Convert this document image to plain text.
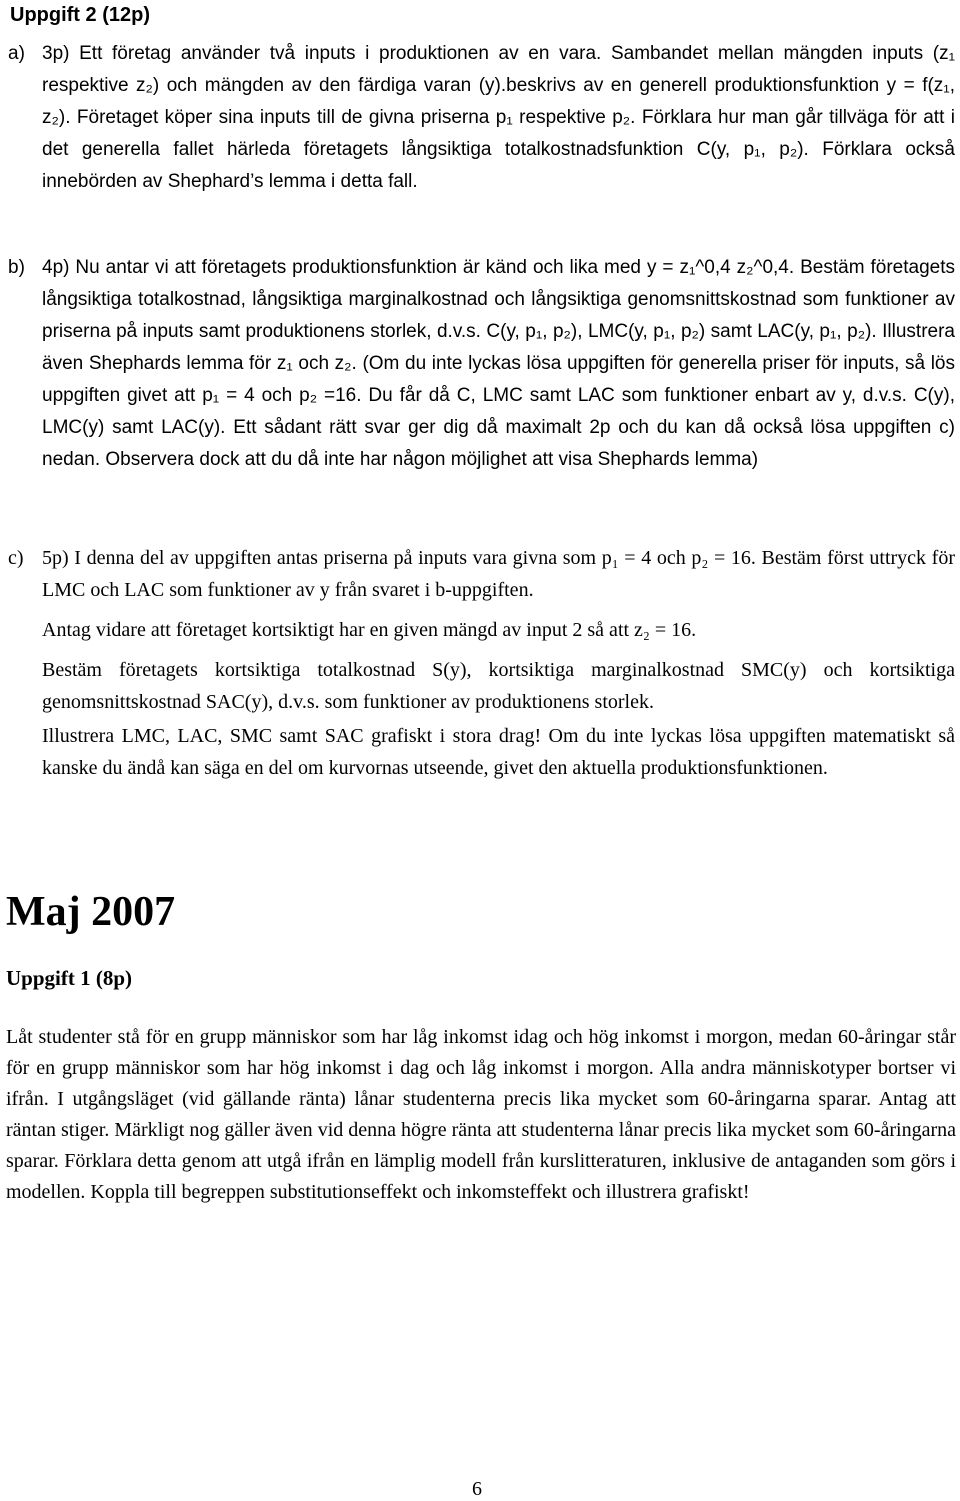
Uppgift 2 (12p)
a) 3p) Ett företag använder två inputs i produktionen av en vara. Sambandet mellan mängden inputs (z₁ respektive z₂) och mängden av den färdiga varan (y).beskrivs av en generell produktionsfunktion y = f(z₁, z₂). Företaget köper sina inputs till de givna priserna p₁ respektive p₂. Förklara hur man går tillväga för att i det generella fallet härleda företagets långsiktiga totalkostnadsfunktion C(y, p₁, p₂). Förklara också innebörden av Shephard’s lemma i detta fall.
b) 4p) Nu antar vi att företagets produktionsfunktion är känd och lika med y = z₁^0,4 z₂^0,4. Bestäm företagets långsiktiga totalkostnad, långsiktiga marginalkostnad och långsiktiga genomsnittskostnad som funktioner av priserna på inputs samt produktionens storlek, d.v.s. C(y, p₁, p₂), LMC(y, p₁, p₂) samt LAC(y, p₁, p₂). Illustrera även Shephards lemma för z₁ och z₂. (Om du inte lyckas lösa uppgiften för generella priser för inputs, så lös uppgiften givet att p₁ = 4 och p₂ =16. Du får då C, LMC samt LAC som funktioner enbart av y, d.v.s. C(y), LMC(y) samt LAC(y). Ett sådant rätt svar ger dig då maximalt 2p och du kan då också lösa uppgiften c) nedan. Observera dock att du då inte har någon möjlighet att visa Shephards lemma)
c) 5p) I denna del av uppgiften antas priserna på inputs vara givna som p₁ = 4 och p₂ = 16. Bestäm först uttryck för LMC och LAC som funktioner av y från svaret i b-uppgiften.
Antag vidare att företaget kortsiktigt har en given mängd av input 2 så att z₂ = 16.
Bestäm företagets kortsiktiga totalkostnad S(y), kortsiktiga marginalkostnad SMC(y) och kortsiktiga genomsnittskostnad SAC(y), d.v.s. som funktioner av produktionens storlek.
Illustrera LMC, LAC, SMC samt SAC grafiskt i stora drag! Om du inte lyckas lösa uppgiften matematiskt så kanske du ändå kan säga en del om kurvornas utseende, givet den aktuella produktionsfunktionen.
Maj 2007
Uppgift 1 (8p)
Låt studenter stå för en grupp människor som har låg inkomst idag och hög inkomst i morgon, medan 60-åringar står för en grupp människor som har hög inkomst i dag och låg inkomst i morgon. Alla andra människotyper bortser vi ifrån. I utgångsläget (vid gällande ränta) lånar studenterna precis lika mycket som 60-åringarna sparar. Antag att räntan stiger. Märkligt nog gäller även vid denna högre ränta att studenterna lånar precis lika mycket som 60-åringarna sparar. Förklara detta genom att utgå ifrån en lämplig modell från kurslitteraturen, inklusive de antaganden som görs i modellen. Koppla till begreppen substitutionseffekt och inkomsteffekt och illustrera grafiskt!
6
